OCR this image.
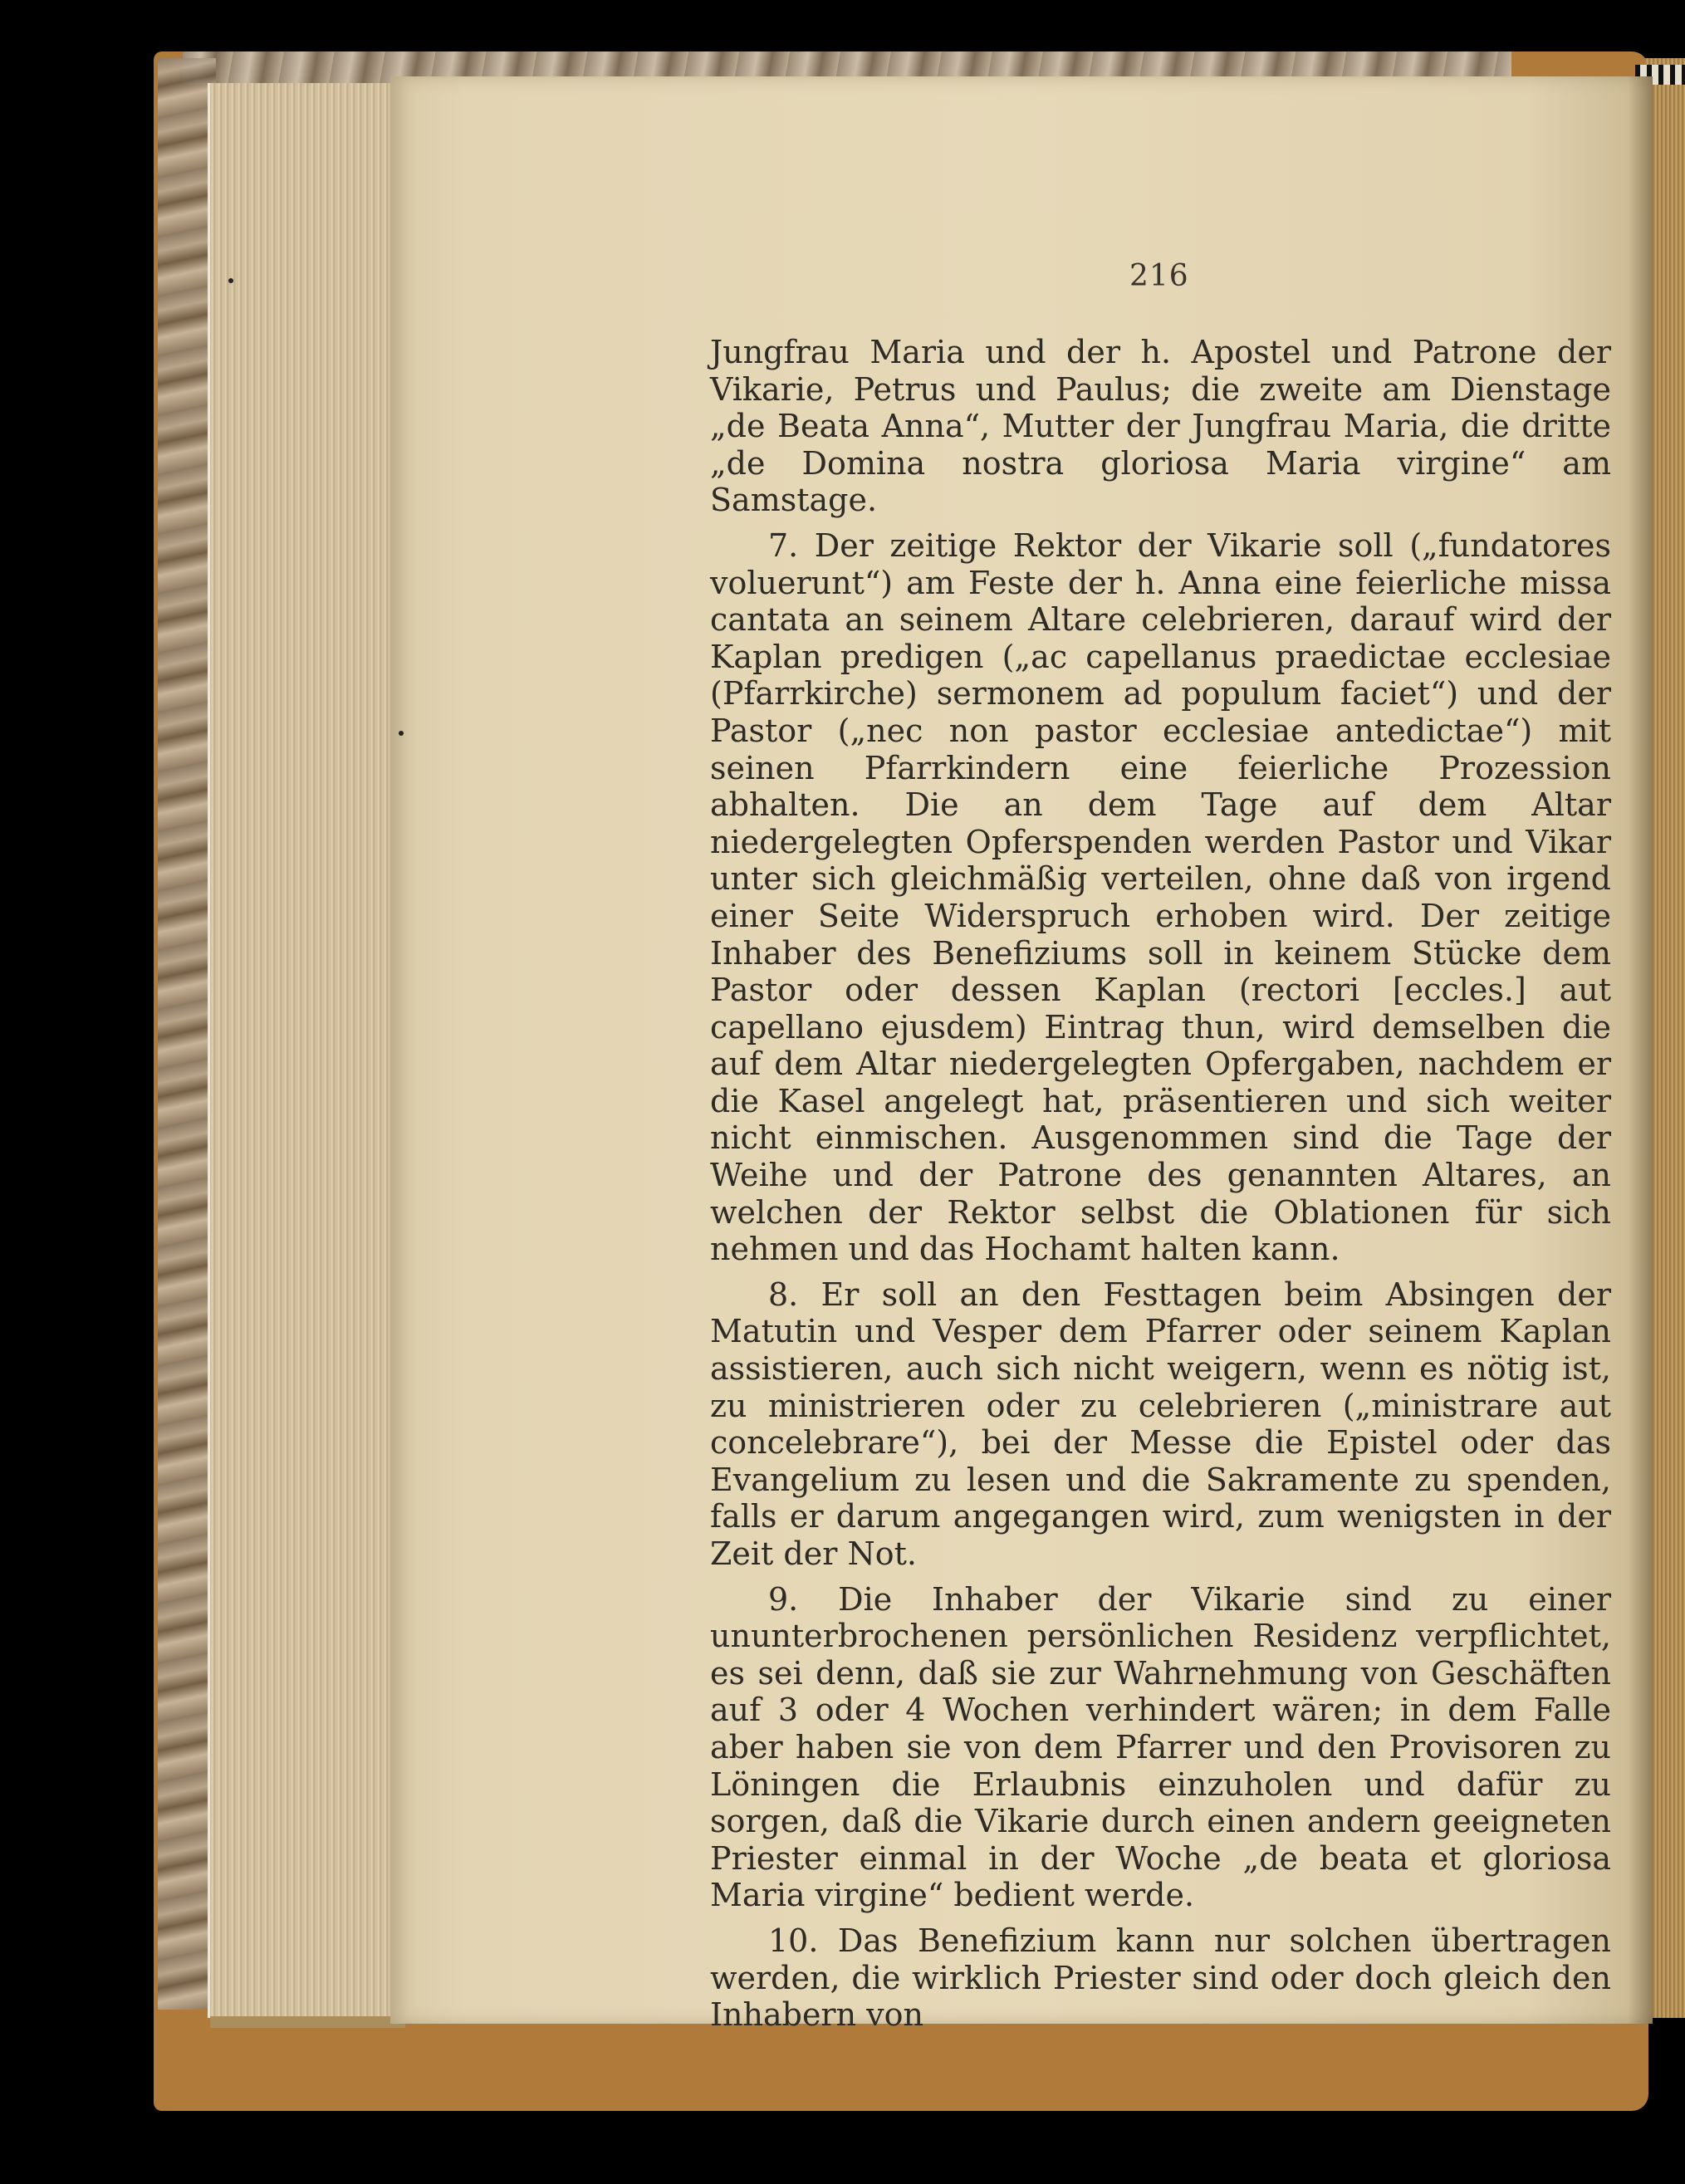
216

Jungfrau Maria und der h. Apostel und Patrone der Vikarie, Petrus und Paulus; die zweite am Dienstage „de Beata Anna“, Mutter der Jungfrau Maria, die dritte „de Domina nostra gloriosa Maria virgine“ am Samstage.

7. Der zeitige Rektor der Vikarie soll („fundatores voluerunt“) am Feste der h. Anna eine feierliche missa cantata an seinem Altare celebrieren, darauf wird der Kaplan predigen („ac capellanus praedictae ecclesiae (Pfarrkirche) sermonem ad populum faciet“) und der Pastor („nec non pastor ecclesiae antedictae“) mit seinen Pfarrkindern eine feierliche Prozession abhalten. Die an dem Tage auf dem Altar niedergelegten Opferspenden werden Pastor und Vikar unter sich gleichmäßig verteilen, ohne daß von irgend einer Seite Widerspruch erhoben wird. Der zeitige Inhaber des Benefiziums soll in keinem Stücke dem Pastor oder dessen Kaplan (rectori [eccles.] aut capellano ejusdem) Eintrag thun, wird demselben die auf dem Altar niedergelegten Opfergaben, nachdem er die Kasel angelegt hat, präsentieren und sich weiter nicht einmischen. Ausgenommen sind die Tage der Weihe und der Patrone des genannten Altares, an welchen der Rektor selbst die Oblationen für sich nehmen und das Hochamt halten kann.

8. Er soll an den Festtagen beim Absingen der Matutin und Vesper dem Pfarrer oder seinem Kaplan assistieren, auch sich nicht weigern, wenn es nötig ist, zu ministrieren oder zu celebrieren („ministrare aut concelebrare“), bei der Messe die Epistel oder das Evangelium zu lesen und die Sakramente zu spenden, falls er darum angegangen wird, zum wenigsten in der Zeit der Not.

9. Die Inhaber der Vikarie sind zu einer ununterbrochenen persönlichen Residenz verpflichtet, es sei denn, daß sie zur Wahrnehmung von Geschäften auf 3 oder 4 Wochen verhindert wären; in dem Falle aber haben sie von dem Pfarrer und den Provisoren zu Löningen die Erlaubnis einzuholen und dafür zu sorgen, daß die Vikarie durch einen andern geeigneten Priester einmal in der Woche „de beata et gloriosa Maria virgine“ bedient werde.

10. Das Benefizium kann nur solchen übertragen werden, die wirklich Priester sind oder doch gleich den Inhabern von
